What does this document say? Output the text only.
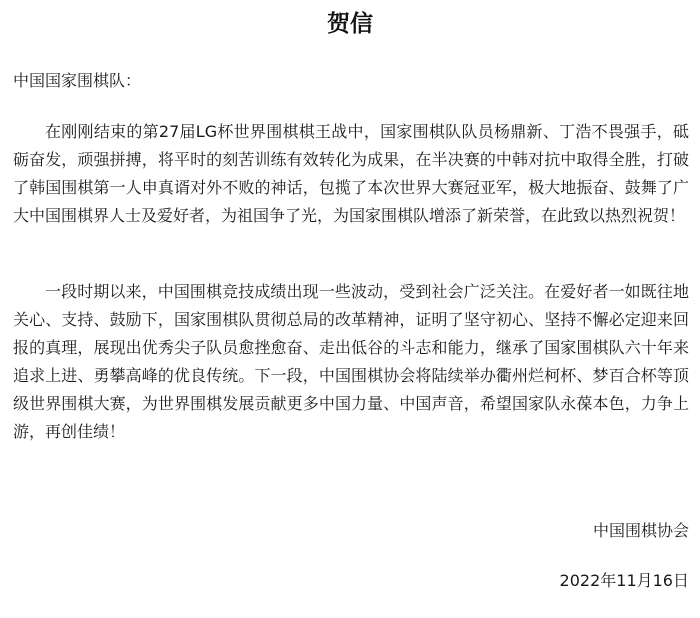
贺信
中国国家围棋队：

在刚刚结束的第27届LG杯世界围棋棋王战中，国家围棋队队员杨鼎新、丁浩不畏强手，砥砺奋发，顽强拼搏，将平时的刻苦训练有效转化为成果，在半决赛的中韩对抗中取得全胜，打破了韩国围棋第一人申真谞对外不败的神话，包揽了本次世界大赛冠亚军，极大地振奋、鼓舞了广大中国围棋界人士及爱好者，为祖国争了光，为国家围棋队增添了新荣誉，在此致以热烈祝贺！

一段时期以来，中国围棋竞技成绩出现一些波动，受到社会广泛关注。在爱好者一如既往地关心、支持、鼓励下，国家围棋队贯彻总局的改革精神，证明了坚守初心、坚持不懈必定迎来回报的真理，展现出优秀尖子队员愈挫愈奋、走出低谷的斗志和能力，继承了国家围棋队六十年来追求上进、勇攀高峰的优良传统。下一段，中国围棋协会将陆续举办衢州烂柯杯、梦百合杯等顶级世界围棋大赛，为世界围棋发展贡献更多中国力量、中国声音，希望国家队永葆本色，力争上游，再创佳绩！

中国围棋协会
2022年11月16日
